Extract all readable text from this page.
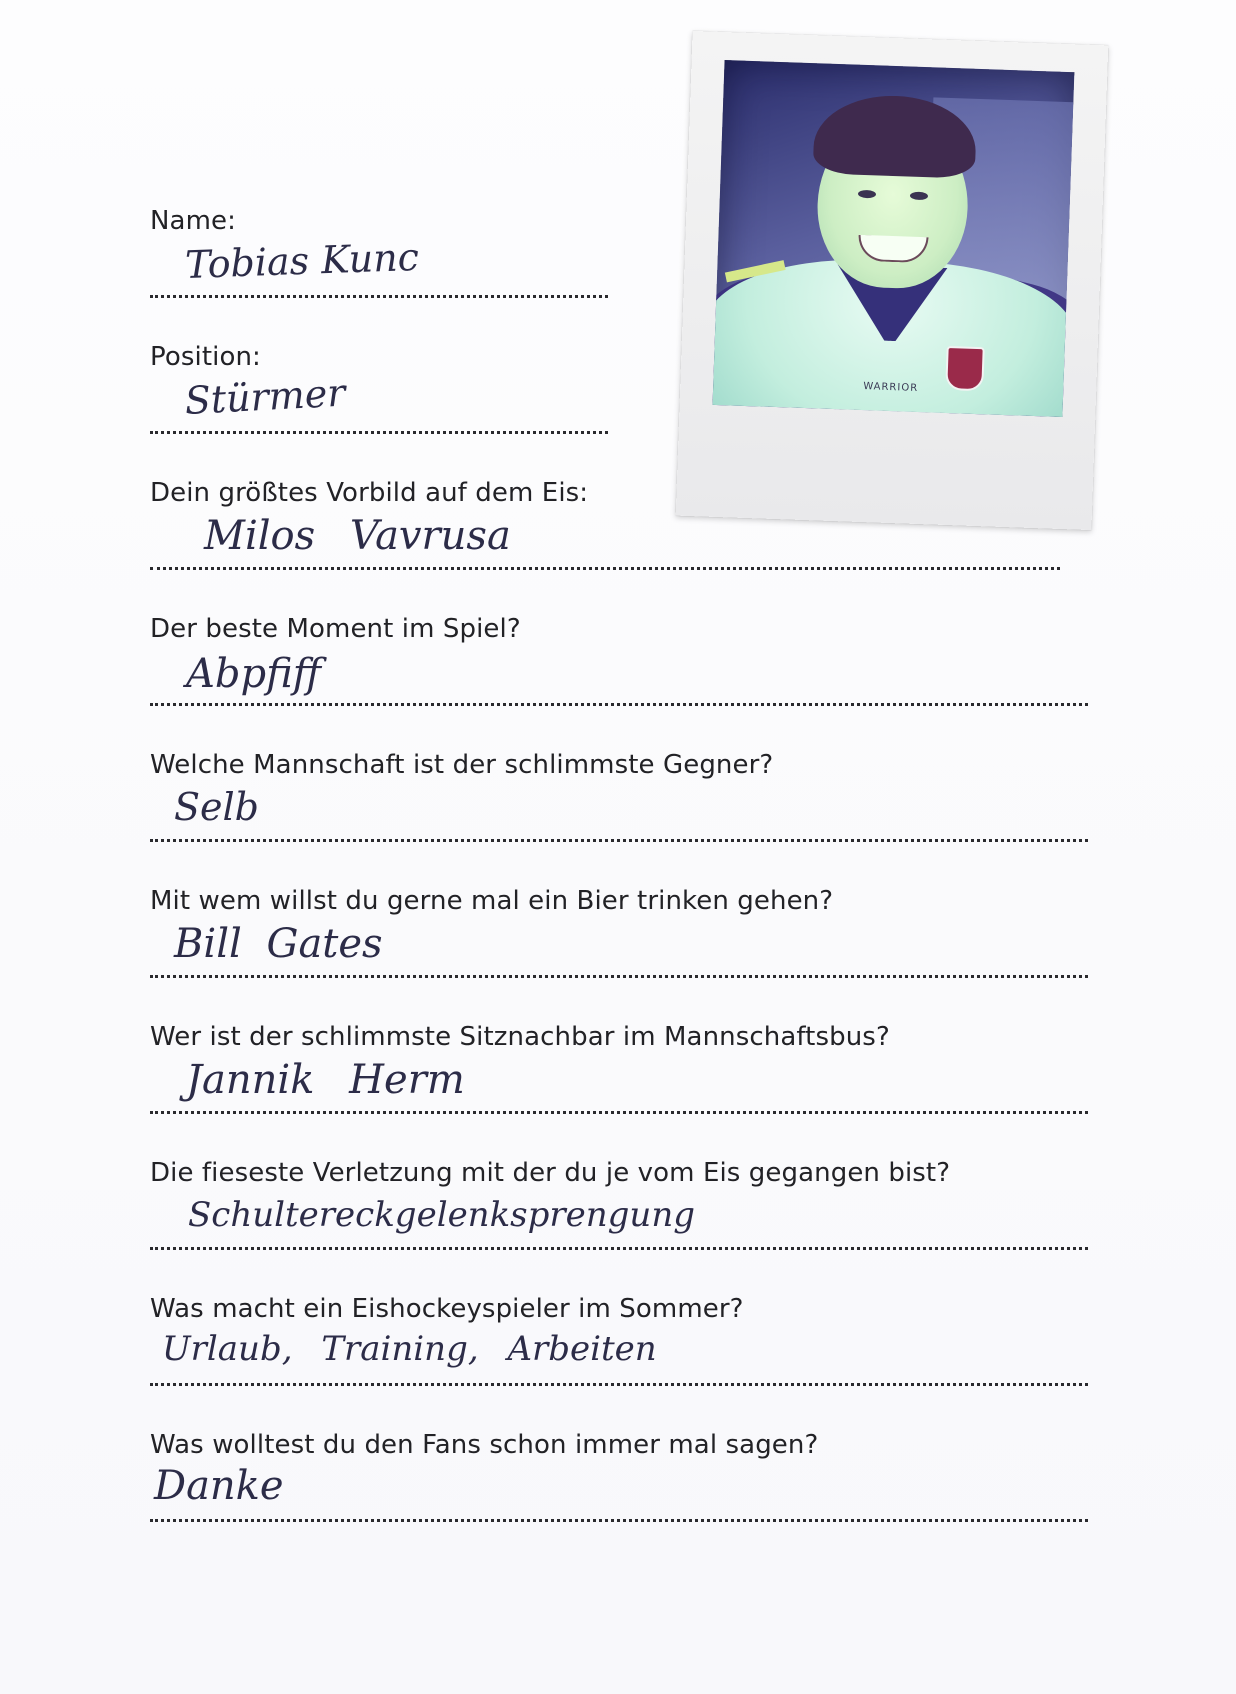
WARRIOR
Name:
Tobias Kunc
Position:
Stürmer
Dein größtes Vorbild auf dem Eis:
Milos Vavrusa
Der beste Moment im Spiel?
Abpfiff
Welche Mannschaft ist der schlimmste Gegner?
Selb
Mit wem willst du gerne mal ein Bier trinken gehen?
Bill Gates
Wer ist der schlimmste Sitznachbar im Mannschaftsbus?
Jannik Herm
Die fieseste Verletzung mit der du je vom Eis gegangen bist?
Schultereckgelenksprengung
Was macht ein Eishockeyspieler im Sommer?
Urlaub, Training, Arbeiten
Was wolltest du den Fans schon immer mal sagen?
Danke
